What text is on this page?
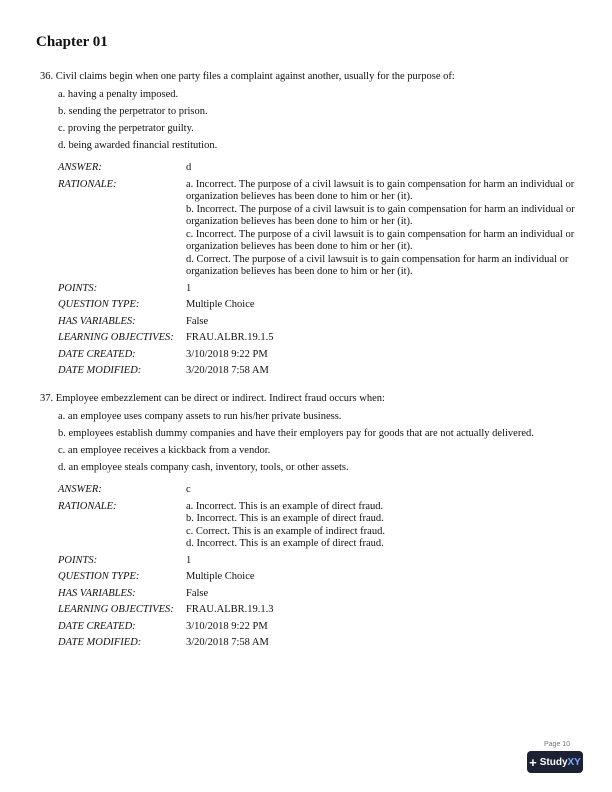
Chapter 01

36. Civil claims begin when one party files a complaint against another, usually for the purpose of:

a. having a penalty imposed.

b. sending the perpetrator to prison.

c. proving the perpetrator guilty.

d. being awarded financial restitution.

ANSWER:	d
RATIONALE:	a. Incorrect. The purpose of a civil lawsuit is to gain compensation for harm an individual or organization believes has been done to him or her (it).
b. Incorrect. The purpose of a civil lawsuit is to gain compensation for harm an individual or organization believes has been done to him or her (it).
c. Incorrect. The purpose of a civil lawsuit is to gain compensation for harm an individual or organization believes has been done to him or her (it).
d. Correct. The purpose of a civil lawsuit is to gain compensation for harm an individual or organization believes has been done to him or her (it).
POINTS:	1
QUESTION TYPE:	Multiple Choice
HAS VARIABLES:	False
LEARNING OBJECTIVES:	FRAU.ALBR.19.1.5
DATE CREATED:	3/10/2018 9:22 PM
DATE MODIFIED:	3/20/2018 7:58 AM

37. Employee embezzlement can be direct or indirect. Indirect fraud occurs when:

a. an employee uses company assets to run his/her private business.

b. employees establish dummy companies and have their employers pay for goods that are not actually delivered.

c. an employee receives a kickback from a vendor.

d. an employee steals company cash, inventory, tools, or other assets.

ANSWER:	c
RATIONALE:	a. Incorrect. This is an example of direct fraud.
b. Incorrect. This is an example of direct fraud.
c. Correct. This is an example of indirect fraud.
d. Incorrect. This is an example of direct fraud.
POINTS:	1
QUESTION TYPE:	Multiple Choice
HAS VARIABLES:	False
LEARNING OBJECTIVES:	FRAU.ALBR.19.1.3
DATE CREATED:	3/10/2018 9:22 PM
DATE MODIFIED:	3/20/2018 7:58 AM
Page 10
+ Study XY
